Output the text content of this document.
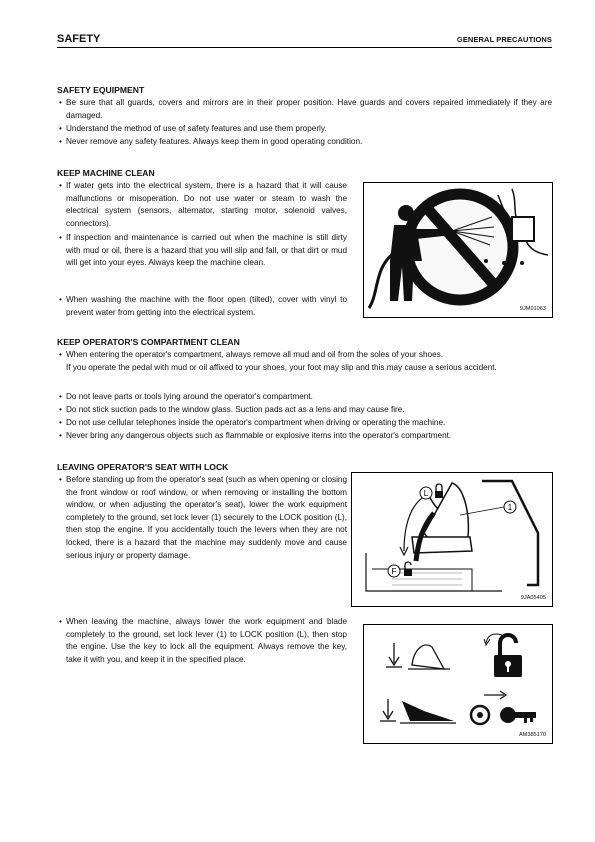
SAFETY	GENERAL PRECAUTIONS
SAFETY EQUIPMENT
• Be sure that all guards, covers and mirrors are in their proper position. Have guards and covers repaired immediately if they are damaged.
• Understand the method of use of safety features and use them properly.
• Never remove any safety features. Always keep them in good operating condition.
KEEP MACHINE CLEAN
• If water gets into the electrical system, there is a hazard that it will cause malfunctions or misoperation. Do not use water or steam to wash the electrical system (sensors, alternator, starting motor, solenoid valves, connectors).
• If inspection and maintenance is carried out when the machine is still dirty with mud or oil, there is a hazard that you will slip and fall, or that dirt or mud will get into your eyes. Always keep the machine clean.
• When washing the machine with the floor open (tilted), cover with vinyl to prevent water from getting into the electrical system.	9JM01063
KEEP OPERATOR'S COMPARTMENT CLEAN
• When entering the operator's compartment, always remove all mud and oil from the soles of your shoes.
If you operate the pedal with mud or oil affixed to your shoes, your foot may slip and this may cause a serious accident.
• Do not leave parts or tools lying around the operator's compartment.
• Do not stick suction pads to the window glass. Suction pads act as a lens and may cause fire.
• Do not use cellular telephones inside the operator's compartment when driving or operating the machine.
• Never bring any dangerous objects such as flammable or explosive items into the operator's compartment.
LEAVING OPERATOR'S SEAT WITH LOCK
• Before standing up from the operator's seat (such as when opening or closing the front window or roof window, or when removing or installing the bottom window, or when adjusting the operator's seat), lower the work equipment completely to the ground, set lock lever (1) securely to the LOCK position (L), then stop the engine. If you accidentally touch the levers when they are not locked, there is a hazard that the machine may suddenly move and cause serious injury or property damage.
• When leaving the machine, always lower the work equipment and blade completely to the ground, set lock lever (1) to LOCK position (L), then stop the engine. Use the key to lock all the equipment. Always remove the key, take it with you, and keep it in the specified place.
L
1
F
9JA05405
AM385170
